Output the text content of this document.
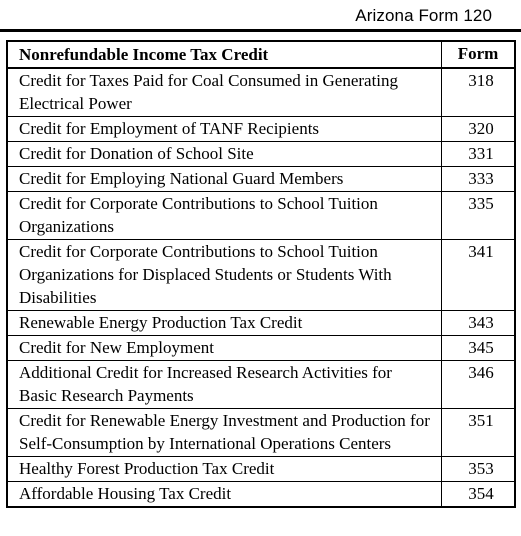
Arizona Form 120
Nonrefundable Income Tax Credit	Form
Credit for Taxes Paid for Coal Consumed in Generating Electrical Power	318
Credit for Employment of TANF Recipients	320
Credit for Donation of School Site	331
Credit for Employing National Guard Members	333
Credit for Corporate Contributions to School Tuition Organizations	335
Credit for Corporate Contributions to School Tuition Organizations for Displaced Students or Students With Disabilities	341
Renewable Energy Production Tax Credit	343
Credit for New Employment	345
Additional Credit for Increased Research Activities for Basic Research Payments	346
Credit for Renewable Energy Investment and Production for Self-Consumption by International Operations Centers	351
Healthy Forest Production Tax Credit	353
Affordable Housing Tax Credit	354
